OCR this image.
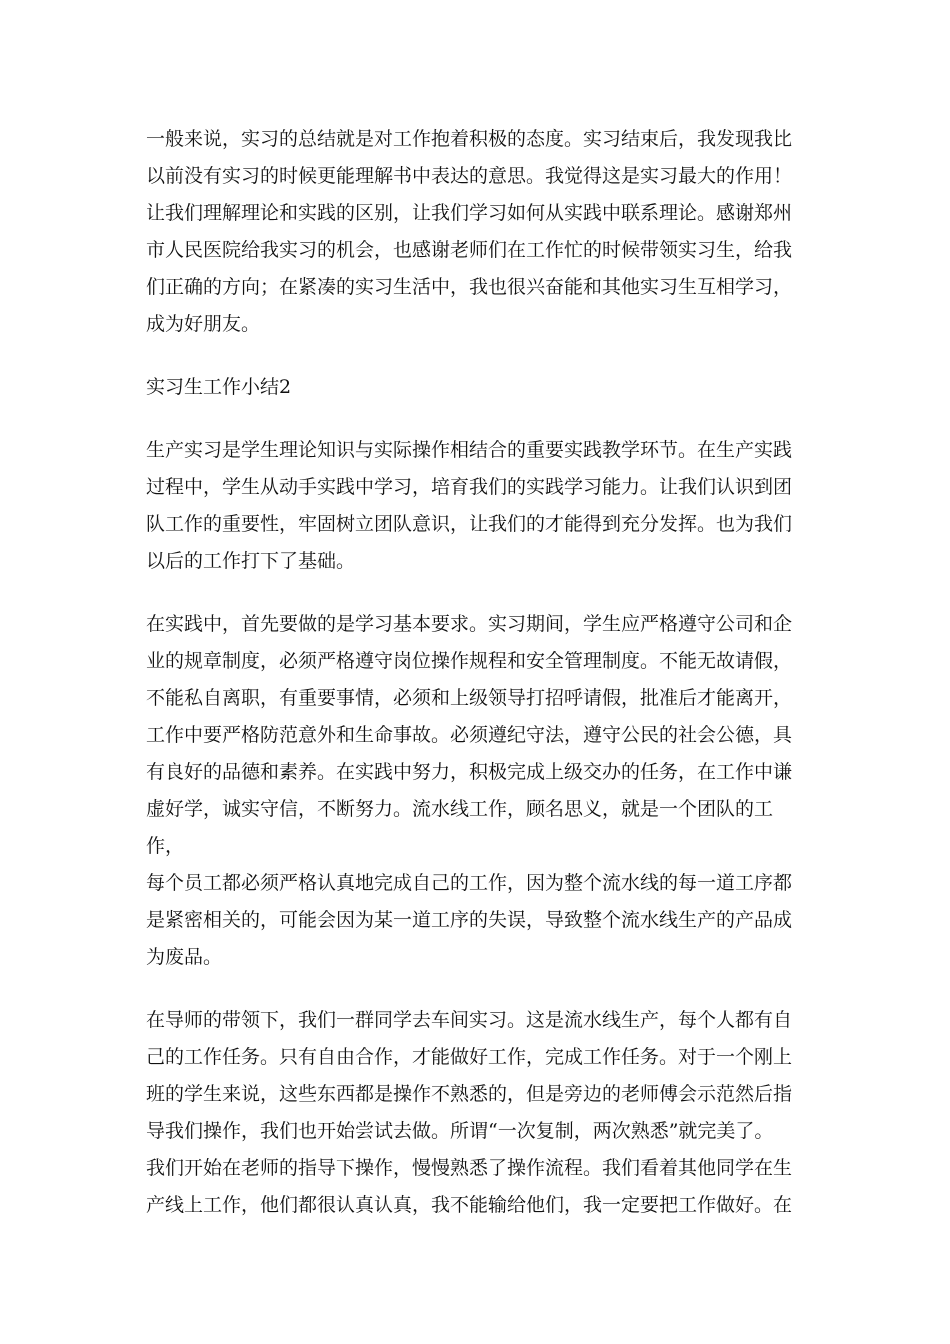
一般来说，实习的总结就是对工作抱着积极的态度。实习结束后，我发现我比
以前没有实习的时候更能理解书中表达的意思。我觉得这是实习最大的作用！
让我们理解理论和实践的区别，让我们学习如何从实践中联系理论。感谢郑州
市人民医院给我实习的机会，也感谢老师们在工作忙的时候带领实习生，给我
们正确的方向；在紧凑的实习生活中，我也很兴奋能和其他实习生互相学习，
成为好朋友。

实习生工作小结2

生产实习是学生理论知识与实际操作相结合的重要实践教学环节。在生产实践
过程中，学生从动手实践中学习，培育我们的实践学习能力。让我们认识到团
队工作的重要性，牢固树立团队意识，让我们的才能得到充分发挥。也为我们
以后的工作打下了基础。

在实践中，首先要做的是学习基本要求。实习期间，学生应严格遵守公司和企
业的规章制度，必须严格遵守岗位操作规程和安全管理制度。不能无故请假，
不能私自离职，有重要事情，必须和上级领导打招呼请假，批准后才能离开，
工作中要严格防范意外和生命事故。必须遵纪守法，遵守公民的社会公德，具
有良好的品德和素养。在实践中努力，积极完成上级交办的任务，在工作中谦
虚好学，诚实守信，不断努力。流水线工作，顾名思义，就是一个团队的工作，
每个员工都必须严格认真地完成自己的工作，因为整个流水线的每一道工序都
是紧密相关的，可能会因为某一道工序的失误，导致整个流水线生产的产品成
为废品。

在导师的带领下，我们一群同学去车间实习。这是流水线生产，每个人都有自
己的工作任务。只有自由合作，才能做好工作，完成工作任务。对于一个刚上
班的学生来说，这些东西都是操作不熟悉的，但是旁边的老师傅会示范然后指
导我们操作，我们也开始尝试去做。所谓“一次复制，两次熟悉”就完美了。
我们开始在老师的指导下操作，慢慢熟悉了操作流程。我们看着其他同学在生
产线上工作，他们都很认真认真，我不能输给他们，我一定要把工作做好。在
